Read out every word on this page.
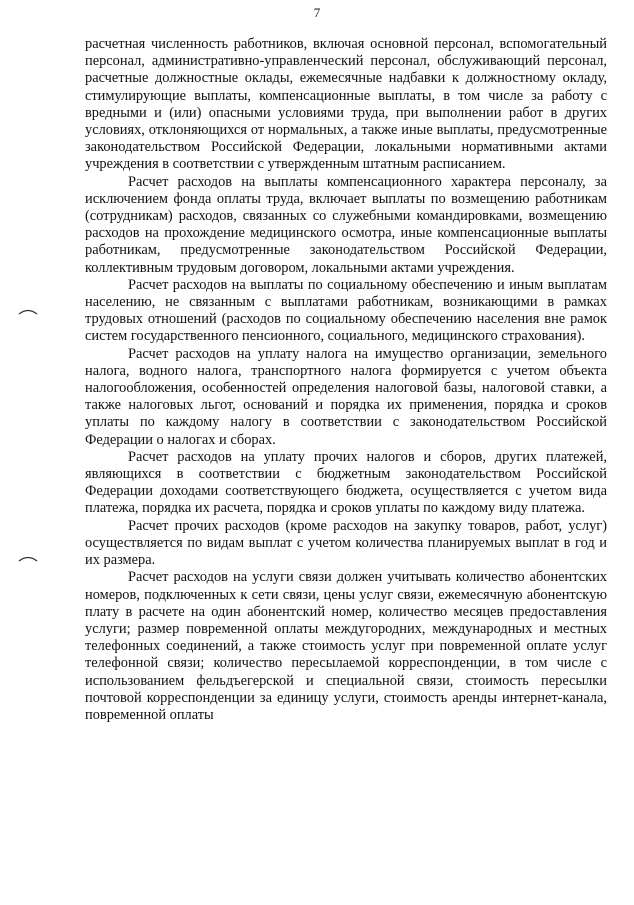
7

расчетная численность работников, включая основной персонал, вспомогательный персонал, административно-управленческий персонал, обслуживающий персонал, расчетные должностные оклады, ежемесячные надбавки к должностному окладу, стимулирующие выплаты, компенсационные выплаты, в том числе за работу с вредными и (или) опасными условиями труда, при выполнении работ в других условиях, отклоняющихся от нормальных, а также иные выплаты, предусмотренные законодательством Российской Федерации, локальными нормативными актами учреждения в соответствии с утвержденным штатным расписанием.

Расчет расходов на выплаты компенсационного характера персоналу, за исключением фонда оплаты труда, включает выплаты по возмещению работникам (сотрудникам) расходов, связанных со служебными командировками, возмещению расходов на прохождение медицинского осмотра, иные компенсационные выплаты работникам, предусмотренные законодательством Российской Федерации, коллективным трудовым договором, локальными актами учреждения.

Расчет расходов на выплаты по социальному обеспечению и иным выплатам населению, не связанным с выплатами работникам, возникающими в рамках трудовых отношений (расходов по социальному обеспечению населения вне рамок систем государственного пенсионного, социального, медицинского страхования).

Расчет расходов на уплату налога на имущество организации, земельного налога, водного налога, транспортного налога формируется с учетом объекта налогообложения, особенностей определения налоговой базы, налоговой ставки, а также налоговых льгот, оснований и порядка их применения, порядка и сроков уплаты по каждому налогу в соответствии с законодательством Российской Федерации о налогах и сборах.

Расчет расходов на уплату прочих налогов и сборов, других платежей, являющихся в соответствии с бюджетным законодательством Российской Федерации доходами соответствующего бюджета, осуществляется с учетом вида платежа, порядка их расчета, порядка и сроков уплаты по каждому виду платежа.

Расчет прочих расходов (кроме расходов на закупку товаров, работ, услуг) осуществляется по видам выплат с учетом количества планируемых выплат в год и их размера.

Расчет расходов на услуги связи должен учитывать количество абонентских номеров, подключенных к сети связи, цены услуг связи, ежемесячную абонентскую плату в расчете на один абонентский номер, количество месяцев предоставления услуги; размер повременной оплаты междугородних, международных и местных телефонных соединений, а также стоимость услуг при повременной оплате услуг телефонной связи; количество пересылаемой корреспонденции, в том числе с использованием фельдъегерской и специальной связи, стоимость пересылки почтовой корреспонденции за единицу услуги, стоимость аренды интернет-канала, повременной оплаты
